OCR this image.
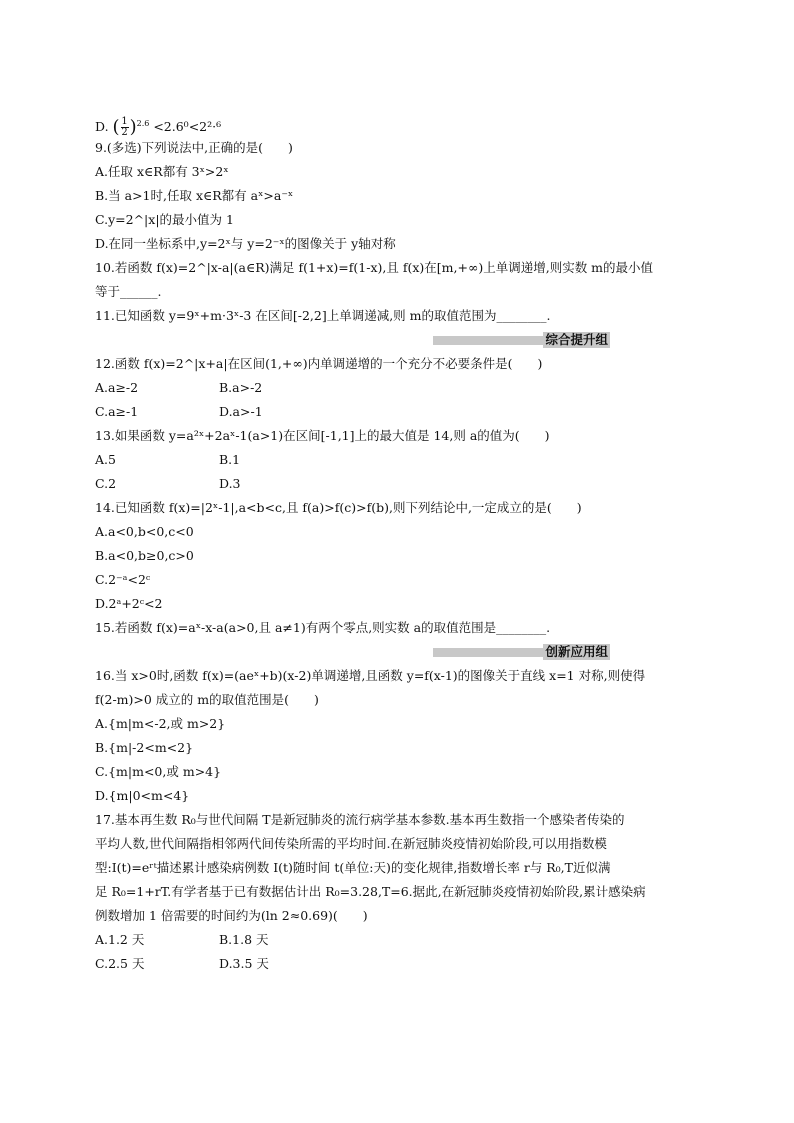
D. ( $\frac{1}{2} )^{2.6} <2.6^0<2^2\cdot^6$
9.(多选)下列说法中,正确的是(　　)
A.任取 x∈R都有 3ˣ>2ˣ
B.当 a>1时,任取 x∈R都有 aˣ>a⁻ˣ
C.y=2^|x|的最小值为 1
D.在同一坐标系中,y=2ˣ与 y=2⁻ˣ的图像关于 y轴对称
10.若函数 f(x)=2^|x-a|(a∈R)满足 f(1+x)=f(1-x),且 f(x)在[m,+∞)上单调递增,则实数 m的最小值
等于______.
11.已知函数 y=9ˣ+m·3ˣ-3 在区间[-2,2]上单调递减,则 m的取值范围为________.
综合提升组
12.函数 f(x)=2^|x+a|在区间(1,+∞)内单调递增的一个充分不必要条件是(　　)
A.a≥-2	B.a>-2
C.a≥-1	D.a>-1
13.如果函数 y=a²ˣ+2aˣ-1(a>1)在区间[-1,1]上的最大值是 14,则 a的值为(　　)
A.5	B.1
C.2	D.3
14.已知函数 f(x)=|2ˣ-1|,a<b<c,且 f(a)>f(c)>f(b),则下列结论中,一定成立的是(　　)
A.a<0,b<0,c<0
B.a<0,b≥0,c>0
C.2⁻ᵃ<2ᶜ
D.2ᵃ+2ᶜ<2
15.若函数 f(x)=aˣ-x-a(a>0,且 a≠1)有两个零点,则实数 a的取值范围是________.
创新应用组
16.当 x>0时,函数 f(x)=(aeˣ+b)(x-2)单调递增,且函数 y=f(x-1)的图像关于直线 x=1 对称,则使得
f(2-m)>0 成立的 m的取值范围是(　　)
A.{m|m<-2,或 m>2}
B.{m|-2<m<2}
C.{m|m<0,或 m>4}
D.{m|0<m<4}
17.基本再生数 R₀与世代间隔 T是新冠肺炎的流行病学基本参数.基本再生数指一个感染者传染的
平均人数,世代间隔指相邻两代间传染所需的平均时间.在新冠肺炎疫情初始阶段,可以用指数模
型:I(t)=eʳᵗ描述累计感染病例数 I(t)随时间 t(单位:天)的变化规律,指数增长率 r与 R₀,T近似满
足 R₀=1+rT.有学者基于已有数据估计出 R₀=3.28,T=6.据此,在新冠肺炎疫情初始阶段,累计感染病
例数增加 1 倍需要的时间约为(ln 2≈0.69)(　　)
A.1.2 天	B.1.8 天
C.2.5 天	D.3.5 天
